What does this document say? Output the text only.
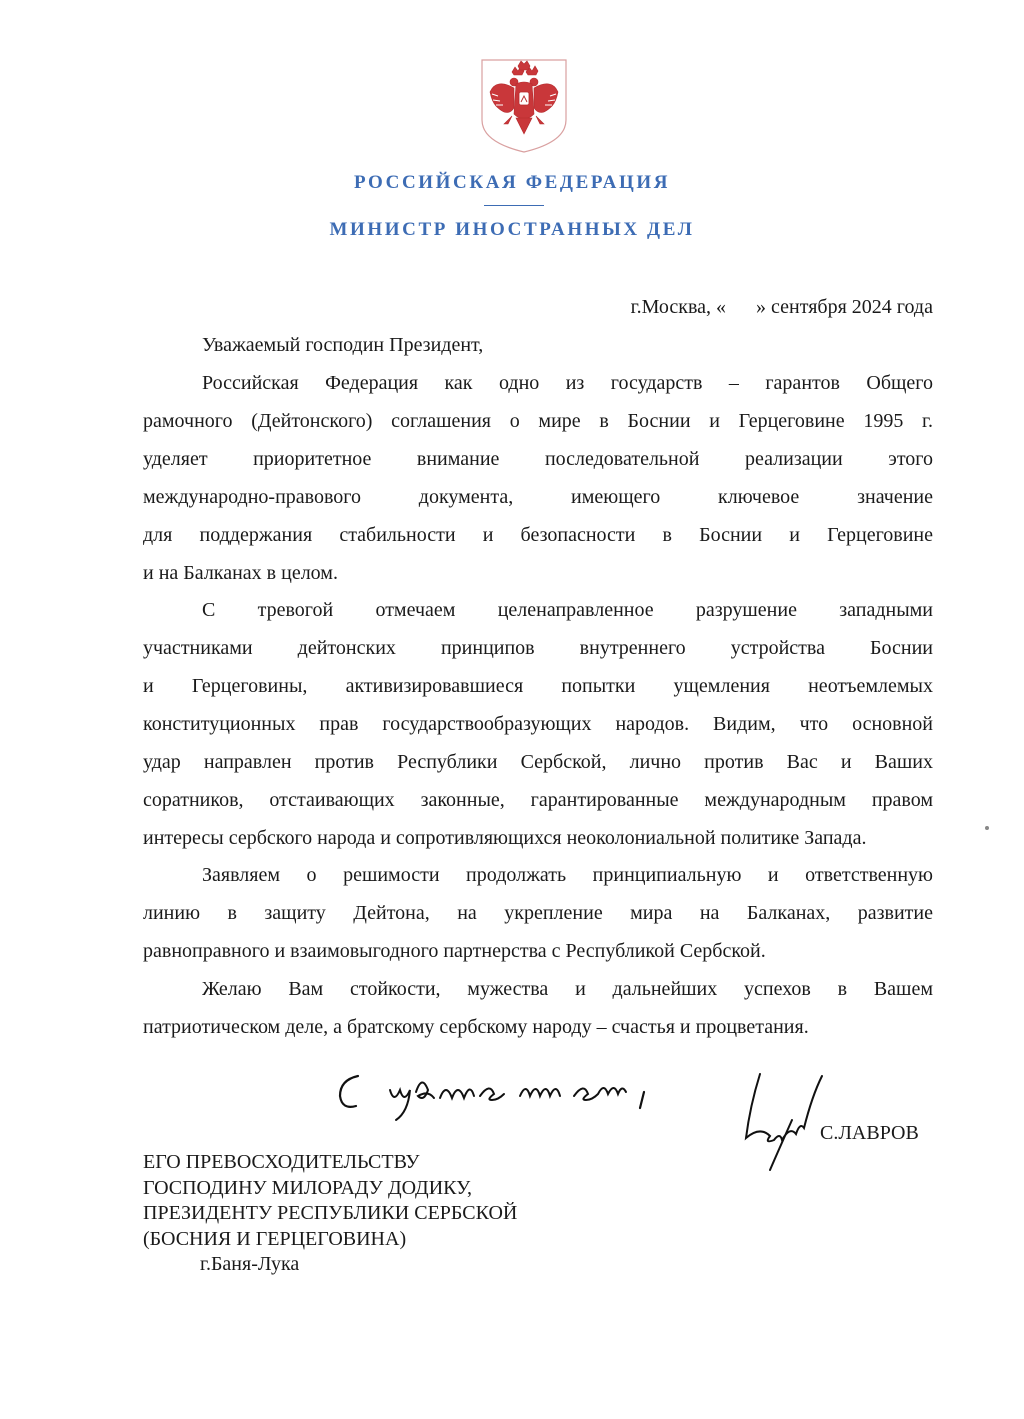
РОССИЙСКАЯ ФЕДЕРАЦИЯ
МИНИСТР ИНОСТРАННЫХ ДЕЛ
г.Москва, «      » сентября 2024 года
Уважаемый господин Президент,
Российская Федерация как одно из государств – гарантов Общего
рамочного (Дейтонского) соглашения о мире в Боснии и Герцеговине 1995 г.
уделяет приоритетное внимание последовательной реализации этого
международно-правового документа, имеющего ключевое значение
для поддержания стабильности и безопасности в Боснии и Герцеговине
и на Балканах в целом.
С тревогой отмечаем целенаправленное разрушение западными
участниками дейтонских принципов внутреннего устройства Боснии
и Герцеговины, активизировавшиеся попытки ущемления неотъемлемых
конституционных прав государствообразующих народов. Видим, что основной
удар направлен против Республики Сербской, лично против Вас и Ваших
соратников, отстаивающих законные, гарантированные международным правом
интересы сербского народа и сопротивляющихся неоколониальной политике Запада.
Заявляем о решимости продолжать принципиальную и ответственную
линию в защиту Дейтона, на укрепление мира на Балканах, развитие
равноправного и взаимовыгодного партнерства с Республикой Сербской.
Желаю Вам стойкости, мужества и дальнейших успехов в Вашем
патриотическом деле, а братскому сербскому народу – счастья и процветания.
С.ЛАВРОВ
ЕГО ПРЕВОСХОДИТЕЛЬСТВУ
ГОСПОДИНУ МИЛОРАДУ ДОДИКУ,
ПРЕЗИДЕНТУ РЕСПУБЛИКИ СЕРБСКОЙ
(БОСНИЯ И ГЕРЦЕГОВИНА)
г.Баня-Лука
